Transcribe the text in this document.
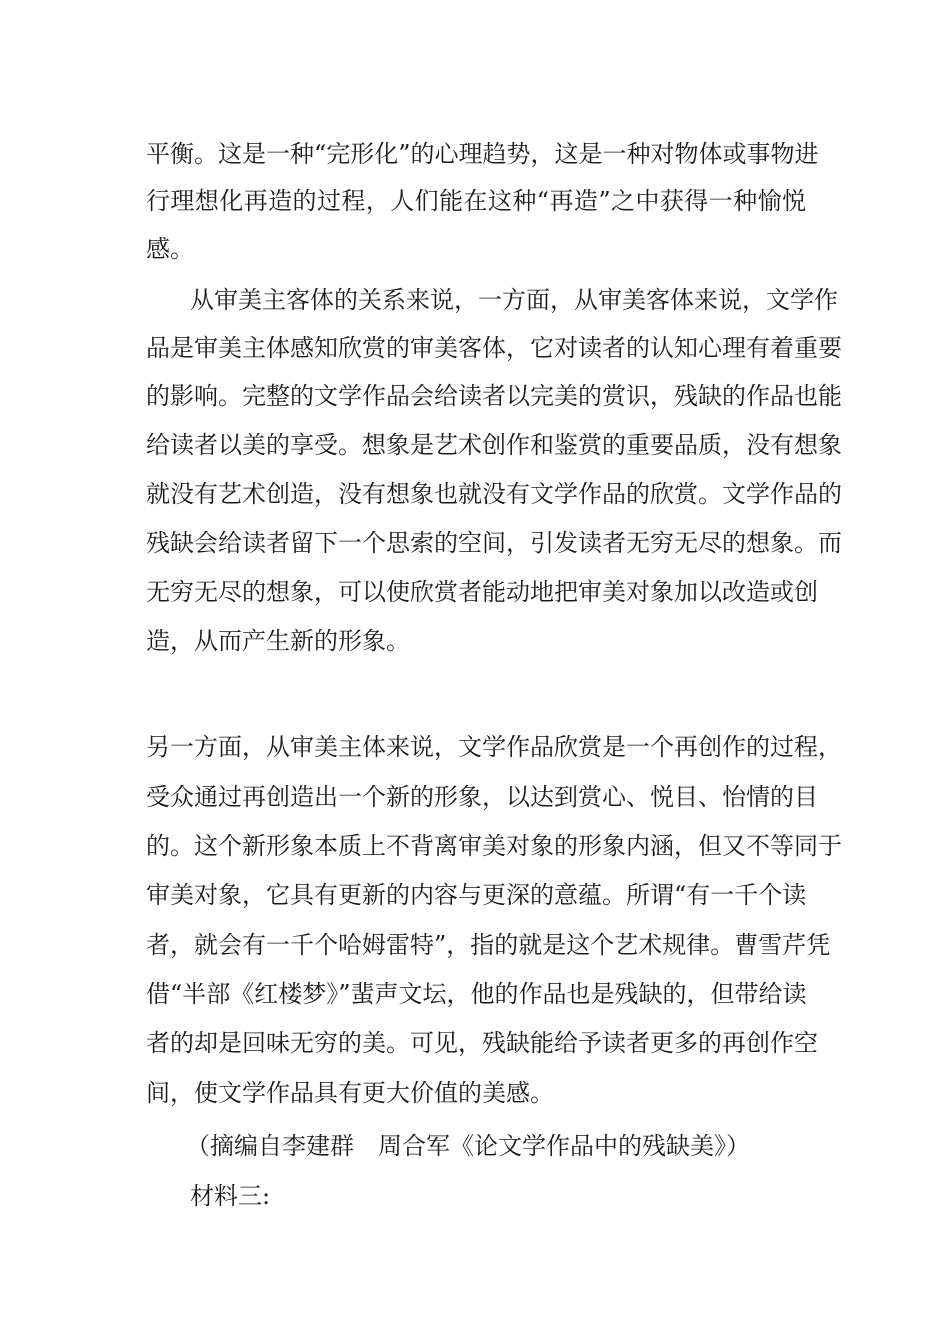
平衡。这是一种“完形化”的心理趋势，这是一种对物体或事物进
行理想化再造的过程，人们能在这种“再造”之中获得一种愉悦
感。
从审美主客体的关系来说，一方面，从审美客体来说，文学作
品是审美主体感知欣赏的审美客体，它对读者的认知心理有着重要
的影响。完整的文学作品会给读者以完美的赏识，残缺的作品也能
给读者以美的享受。想象是艺术创作和鉴赏的重要品质，没有想象
就没有艺术创造，没有想象也就没有文学作品的欣赏。文学作品的
残缺会给读者留下一个思索的空间，引发读者无穷无尽的想象。而
无穷无尽的想象，可以使欣赏者能动地把审美对象加以改造或创
造，从而产生新的形象。
另一方面，从审美主体来说，文学作品欣赏是一个再创作的过程，
受众通过再创造出一个新的形象，以达到赏心、悦目、怡情的目
的。这个新形象本质上不背离审美对象的形象内涵，但又不等同于
审美对象，它具有更新的内容与更深的意蕴。所谓“有一千个读
者，就会有一千个哈姆雷特”，指的就是这个艺术规律。曹雪芹凭
借“半部《红楼梦》”蜚声文坛，他的作品也是残缺的，但带给读
者的却是回味无穷的美。可见，残缺能给予读者更多的再创作空
间，使文学作品具有更大价值的美感。
（摘编自李建群　周合军《论文学作品中的残缺美》）
材料三:
